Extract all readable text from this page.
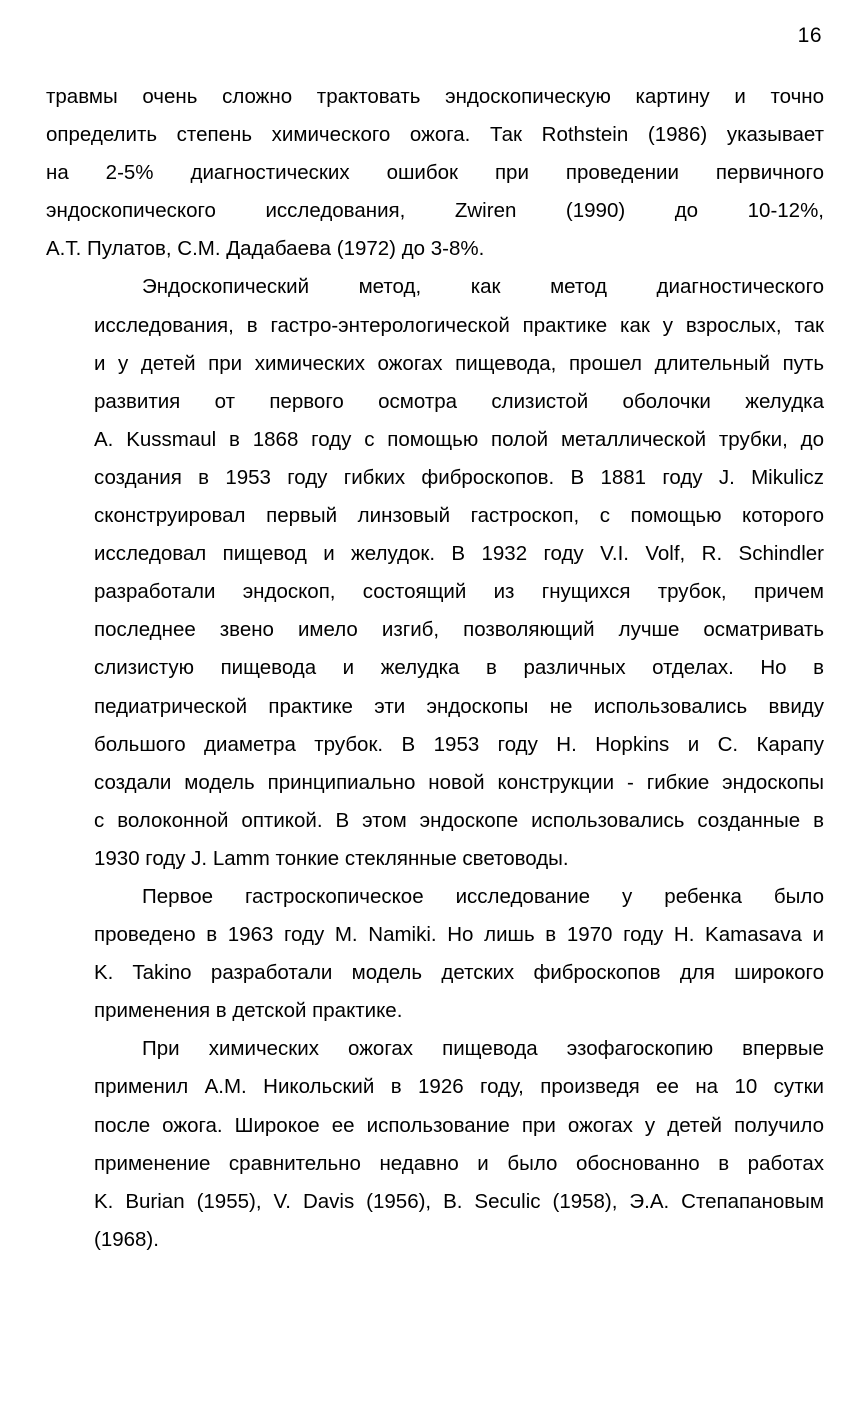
16

травмы очень сложно трактовать эндоскопическую картину и точно
определить степень химического ожога. Так Rothstein (1986) указывает
на 2-5% диагностических ошибок при проведении первичного
эндоскопического исследования, Zwiren (1990) до 10-12%,
А.Т. Пулатов, С.М. Дадабаева (1972) до 3-8%.

Эндоскопический метод, как метод диагностического
исследования, в гастро-энтерологической практике как у взрослых, так
и у детей при химических ожогах пищевода, прошел длительный путь
развития от первого осмотра слизистой оболочки желудка
A. Kussmaul в 1868 году с помощью полой металлической трубки, до
создания в 1953 году гибких фиброскопов. В 1881 году J. Mikulicz
сконструировал первый линзовый гастроскоп, с помощью которого
исследовал пищевод и желудок. В 1932 году V.I. Volf, R. Schindler
разработали эндоскоп, состоящий из гнущихся трубок, причем
последнее звено имело изгиб, позволяющий лучше осматривать
слизистую пищевода и желудка в различных отделах. Но в
педиатрической практике эти эндоскопы не использовались ввиду
большого диаметра трубок. В 1953 году H. Hopkins и C. Карапу
создали модель принципиально новой конструкции - гибкие эндоскопы
с волоконной оптикой. В этом эндоскопе использовались созданные в
1930 году J. Lamm тонкие стеклянные световоды.

Первое гастроскопическое исследование у ребенка было
проведено в 1963 году M. Namiki. Но лишь в 1970 году H. Kamasava и
K. Takino разработали модель детских фиброскопов для широкого
применения в детской практике.

При химических ожогах пищевода эзофагоскопию впервые
применил А.М. Никольский в 1926 году, произведя ее на 10 сутки
после ожога. Широкое ее использование при ожогах у детей получило
применение сравнительно недавно и было обоснованно в работах
K. Burian (1955), V. Davis (1956), B. Seculic (1958), Э.А. Степапановым
(1968).
